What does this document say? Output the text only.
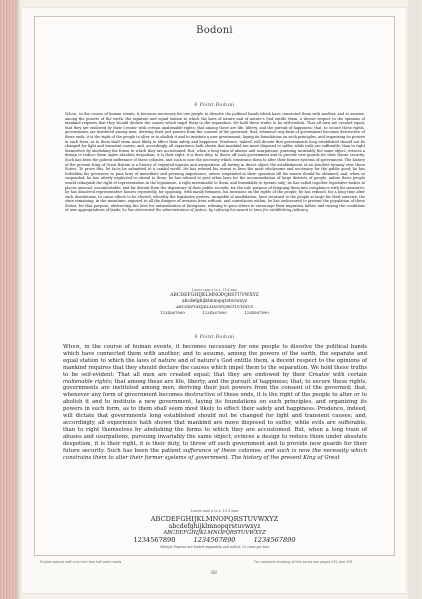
Bodoni
6 Point Bodoni

When, in the course of human events, it becomes necessary for one people to dissolve the political bands which have connected them with another, and to assume, among the powers of the earth, the separate and equal station to which the laws of nature and of nature's God entitle them, a decent respect to the opinions of mankind requires that they should declare the causes which impel them to the separation. We hold these truths to be self-evident: That all men are created equal; that they are endowed by their Creator with certain unalienable rights; that among these are life, liberty, and the pursuit of happiness; that, to secure these rights, governments are instituted among men, deriving their just powers from the consent of the governed; that, whenever any form of government becomes destructive of these ends, it is the right of the people to alter or to abolish it and to institute a new government, laying its foundations on such principles, and organizing its powers in such form, as to them shall seem most likely to effect their safety and happiness. Prudence, indeed, will dictate that governments long established should not be changed for light and transient causes; and, accordingly, all experience hath shown that mankind are more disposed to suffer, while evils are sufferable, than to right themselves by abolishing the forms to which they are accustomed. But, when a long train of abuses and usurpations, pursuing invariably the same object, evinces a design to reduce them under absolute despotism, it is their right, it is their duty, to throw off such government and to provide new guards for their future security. Such has been the patient sufferance of these colonies, and such is now the necessity which constrains them to alter their former systems of government. The history of the present King of Great Britain is a history of repeated injuries and usurpations, all having in direct object the establishment of an absolute tyranny over these States. To prove this, let facts be submitted to a candid world. He has refused his assent to laws the most wholesome and necessary for the public good; he has forbidden his governors to pass laws of immediate and pressing importance, unless suspended in their operation till his assent should be obtained; and, when so suspended, he has utterly neglected to attend to them; he has refused to pass other laws for the accommodation of large districts of people, unless those people would relinquish the right of representation in the legislature, a right inestimable to them, and formidable to tyrants only; he has called together legislative bodies at places unusual, uncomfortable, and far distant from the depository of their public records, for the sole purpose of fatiguing them into compliance with his measures; he has dissolved representative houses repeatedly, for opposing, with manly firmness, his invasions on the rights of the people; he has refused, for a long time after such dissolutions, to cause others to be elected; whereby the legislative powers, incapable of annihilation, have returned to the people at large for their exercise; the state remaining, in the meantime, exposed to all the dangers of invasion from without, and convulsions within; he has endeavored to prevent the population of these States; for that purpose, obstructing the laws for naturalization of foreigners, refusing to pass others to encourage their migration hither, and raising the conditions of new appropriations of lands; he has obstructed the administration of justice, by refusing his assent to laws for establishing judiciary

Lower case a to z, 11.8 ems
ABCDEFGHIJKLMNOPQRSTUVWXYZ
abcdefghijklmnopqrstuvwxyz
ABCDEFGHIJKLMNOPQRSTUVWXYZ
1234567890	1234567890	1234567890
8 Point Bodoni

When, in the course of human events, it becomes necessary for one people to dissolve the political bands which have connected them with another, and to assume, among the powers of the earth, the separate and equal station to which the laws of nature and of nature's God entitle them, a decent respect to the opinions of mankind requires that they should declare the causes which impel them to the separation. We hold these truths to be self-evident: That all men are created equal; that they are endowed by their Creator with certain inalienable rights; that among these are life, liberty, and the pursuit of happiness; that, to secure these rights, governments are instituted among men, deriving their just powers from the consent of the governed; that, whenever any form of government becomes destructive of these ends, it is the right of the people to alter or to abolish it and to institute a new government, laying its foundations on such principles, and organizing its powers in such form, as to them shall seem most likely to effect their safety and happiness. Prudence, indeed, will dictate that governments long established should not be changed for light and transient causes; and, accordingly, all experience hath shown that mankind are more disposed to suffer, while evils are sufferable, than to right themselves by abolishing the forms to which they are accustomed. But, when a long train of abuses and usurpations, pursuing invariably the same object, evinces a design to reduce them under absolute despotism, it is their right, it is their duty, to throw off such government and to provide new guards for their future security. Such has been the patient sufferance of these colonies, and such is now the necessity which constrains them to alter their former systems of government. The history of the present King of Great

Lower case a to z, 13.2 ems
ABCDEFGHIJKLMNOPQRSTUVWXYZ
abcdefghijklmnopqrstuvwxyz
ABCDEFGHIJKLMNOPQRSTUVWXYZ
1234567890	1234567890	1234567890
Oldstyle Figures are fonted separately and sold at 25 cents per font
Duplex spaced with one inch two-half point leads	For complete showing of this series see pages 470 and 478
68
